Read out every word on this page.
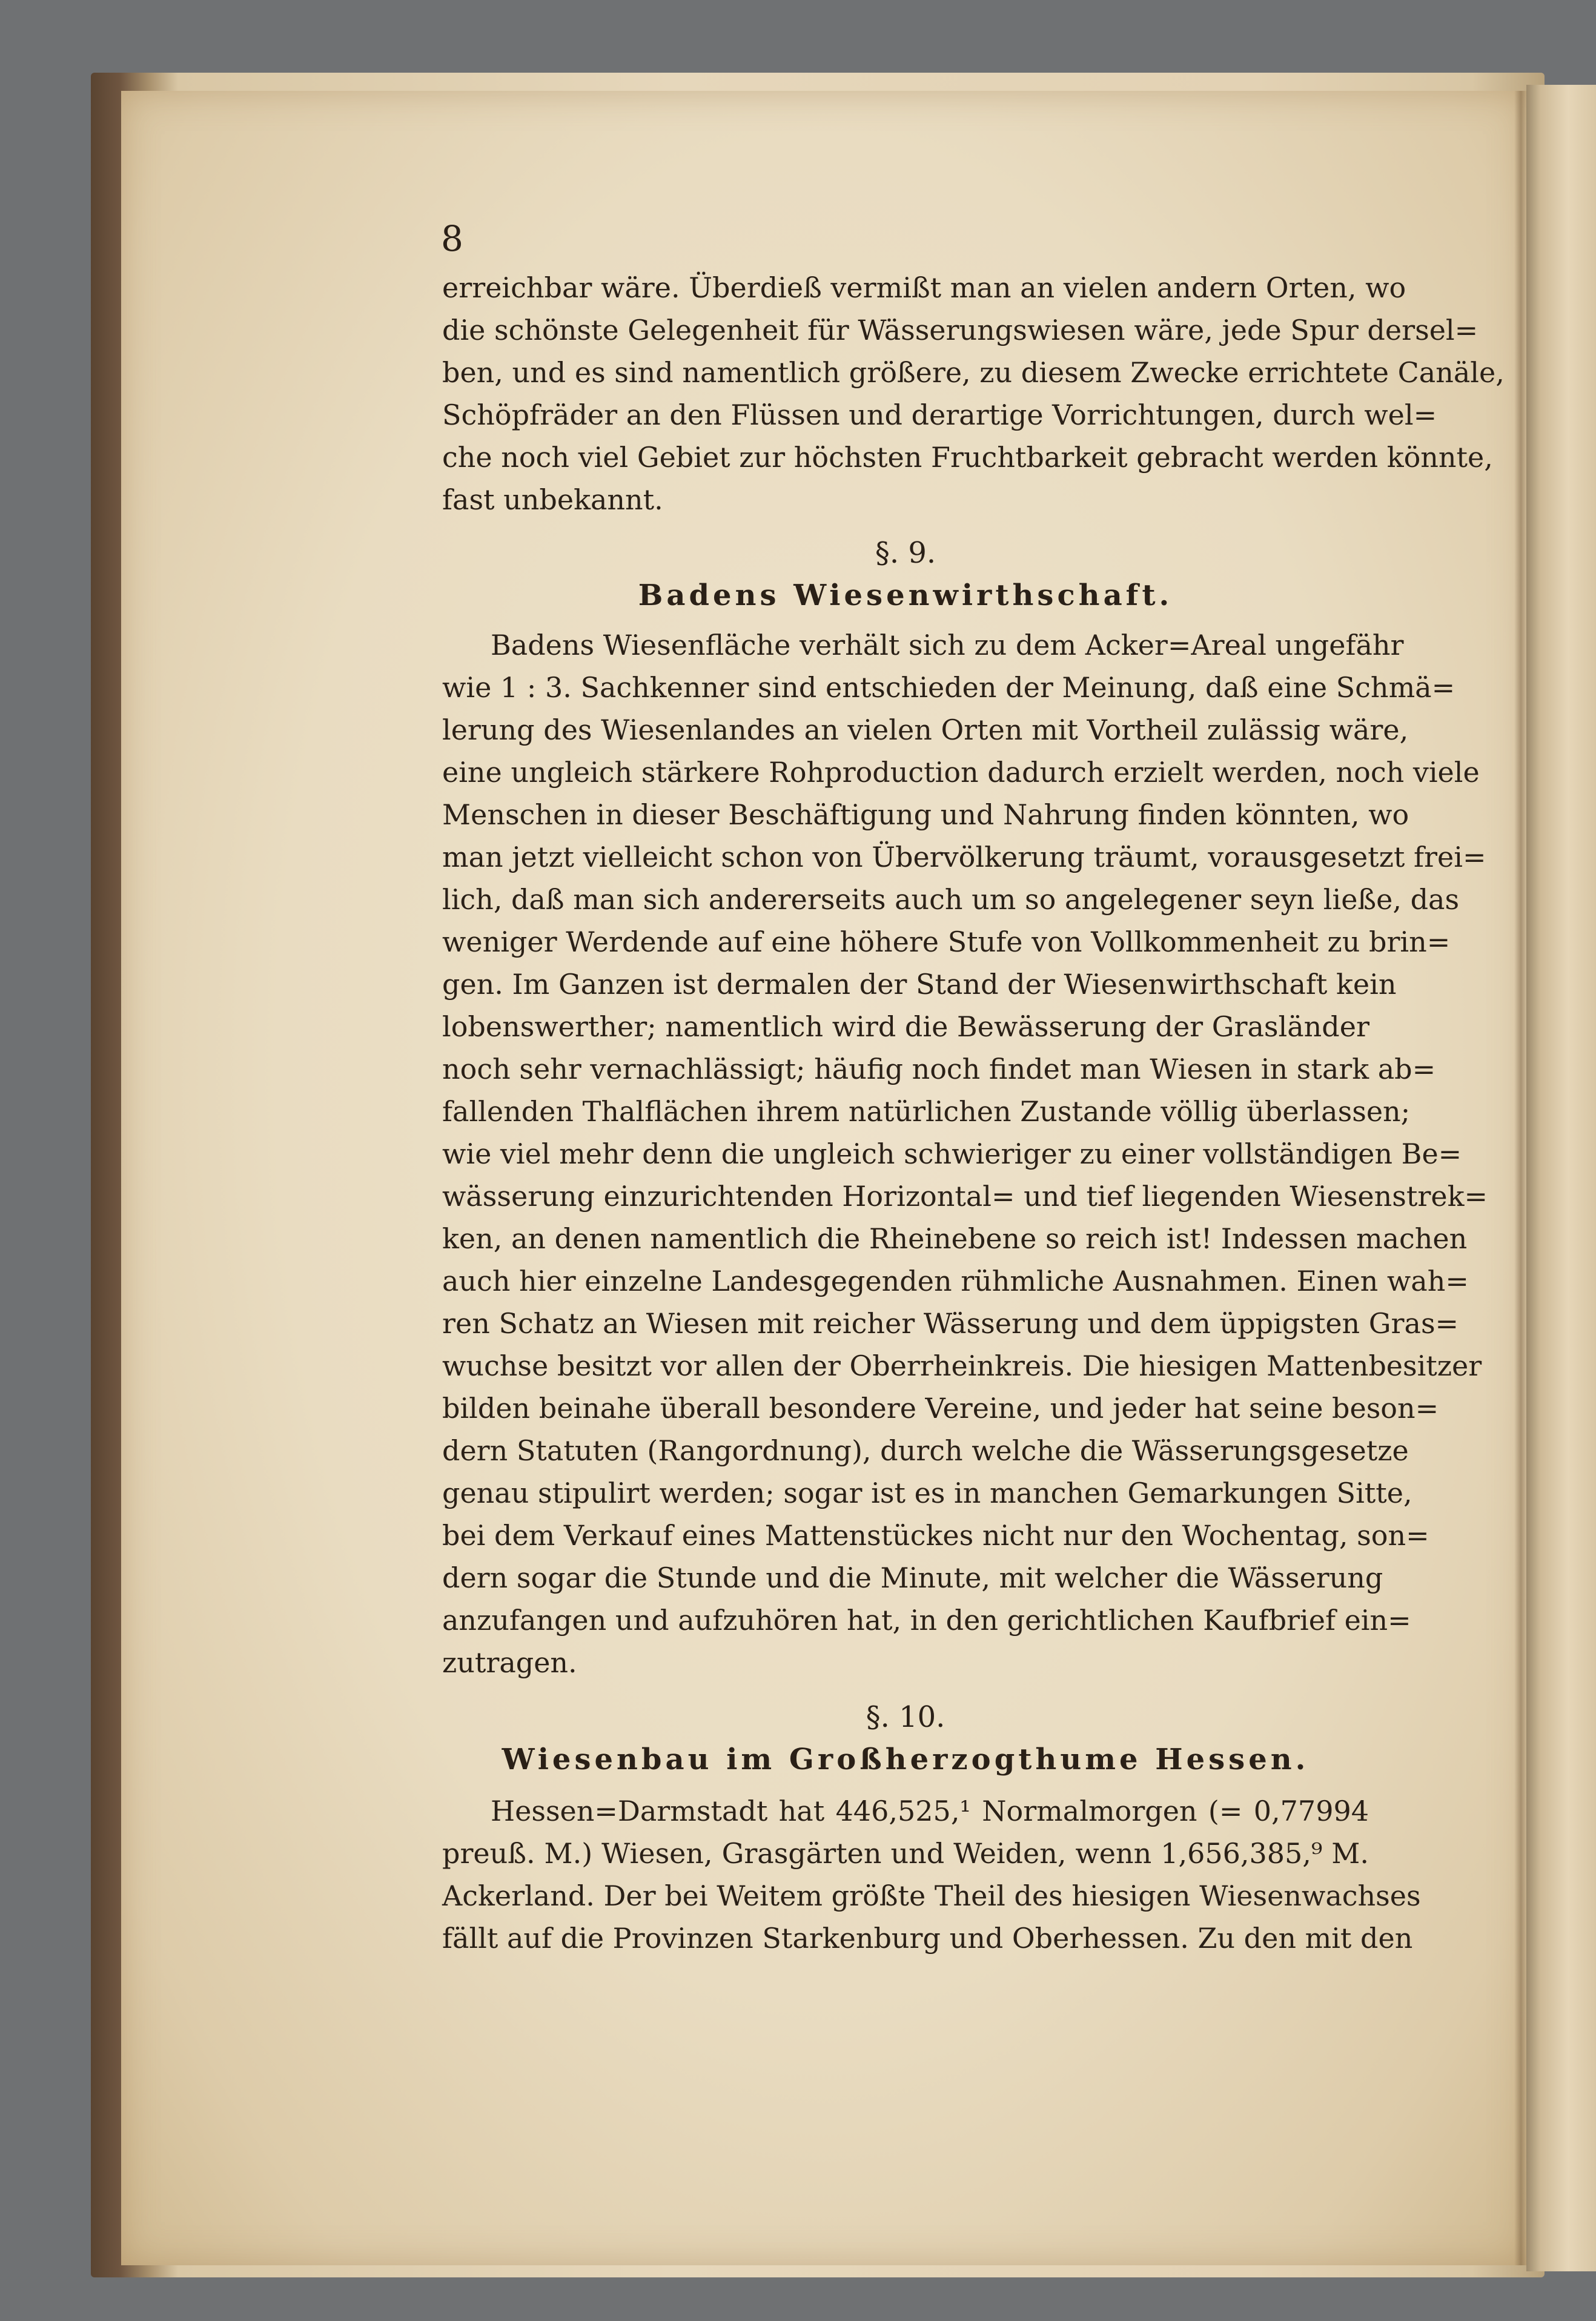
8
erreichbar wäre. Überdieß vermißt man an vielen andern Orten, wo
die schönste Gelegenheit für Wässerungswiesen wäre, jede Spur dersel=
ben, und es sind namentlich größere, zu diesem Zwecke errichtete Canäle,
Schöpfräder an den Flüssen und derartige Vorrichtungen, durch wel=
che noch viel Gebiet zur höchsten Fruchtbarkeit gebracht werden könnte,
fast unbekannt.
§. 9.
Badens Wiesenwirthschaft.
Badens Wiesenfläche verhält sich zu dem Acker=Areal ungefähr
wie 1 : 3. Sachkenner sind entschieden der Meinung, daß eine Schmä=
lerung des Wiesenlandes an vielen Orten mit Vortheil zulässig wäre,
eine ungleich stärkere Rohproduction dadurch erzielt werden, noch viele
Menschen in dieser Beschäftigung und Nahrung finden könnten, wo
man jetzt vielleicht schon von Übervölkerung träumt, vorausgesetzt frei=
lich, daß man sich andererseits auch um so angelegener seyn ließe, das
weniger Werdende auf eine höhere Stufe von Vollkommenheit zu brin=
gen. Im Ganzen ist dermalen der Stand der Wiesenwirthschaft kein
lobenswerther; namentlich wird die Bewässerung der Grasländer
noch sehr vernachlässigt; häufig noch findet man Wiesen in stark ab=
fallenden Thalflächen ihrem natürlichen Zustande völlig überlassen;
wie viel mehr denn die ungleich schwieriger zu einer vollständigen Be=
wässerung einzurichtenden Horizontal= und tief liegenden Wiesenstrek=
ken, an denen namentlich die Rheinebene so reich ist! Indessen machen
auch hier einzelne Landesgegenden rühmliche Ausnahmen. Einen wah=
ren Schatz an Wiesen mit reicher Wässerung und dem üppigsten Gras=
wuchse besitzt vor allen der Oberrheinkreis. Die hiesigen Mattenbesitzer
bilden beinahe überall besondere Vereine, und jeder hat seine beson=
dern Statuten (Rangordnung), durch welche die Wässerungsgesetze
genau stipulirt werden; sogar ist es in manchen Gemarkungen Sitte,
bei dem Verkauf eines Mattenstückes nicht nur den Wochentag, son=
dern sogar die Stunde und die Minute, mit welcher die Wässerung
anzufangen und aufzuhören hat, in den gerichtlichen Kaufbrief ein=
zutragen.
§. 10.
Wiesenbau im Großherzogthume Hessen.
Hessen=Darmstadt hat 446,525,¹ Normalmorgen (= 0,77994
preuß. M.) Wiesen, Grasgärten und Weiden, wenn 1,656,385,⁹ M.
Ackerland. Der bei Weitem größte Theil des hiesigen Wiesenwachses
fällt auf die Provinzen Starkenburg und Oberhessen. Zu den mit den
